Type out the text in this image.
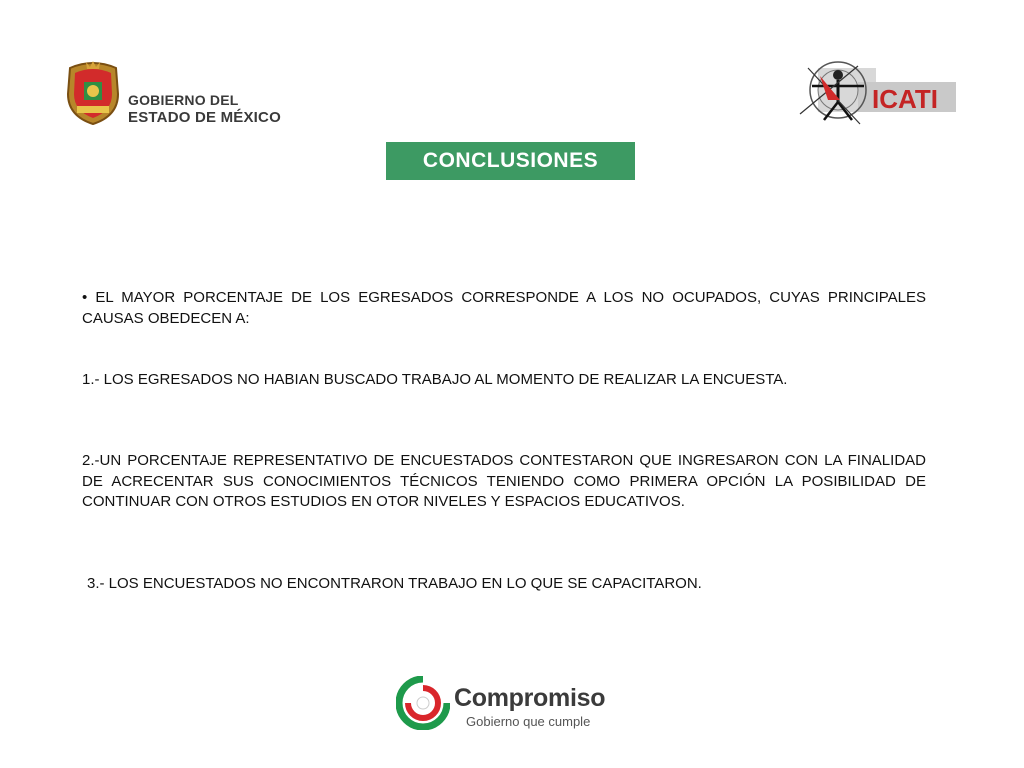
GOBIERNO DEL
ESTADO DE MÉXICO
ICATI
CONCLUSIONES
• EL MAYOR PORCENTAJE DE LOS EGRESADOS CORRESPONDE A LOS NO OCUPADOS, CUYAS PRINCIPALES CAUSAS OBEDECEN A:
1.- LOS EGRESADOS NO HABIAN BUSCADO TRABAJO AL MOMENTO DE REALIZAR LA ENCUESTA.
2.-UN PORCENTAJE REPRESENTATIVO DE ENCUESTADOS CONTESTARON QUE INGRESARON CON LA FINALIDAD DE ACRECENTAR SUS CONOCIMIENTOS TÉCNICOS TENIENDO COMO PRIMERA OPCIÓN LA POSIBILIDAD DE CONTINUAR CON OTROS ESTUDIOS EN OTOR NIVELES Y ESPACIOS EDUCATIVOS.
3.- LOS ENCUESTADOS NO ENCONTRARON TRABAJO EN LO QUE SE CAPACITARON.
Compromiso
Gobierno que cumple
